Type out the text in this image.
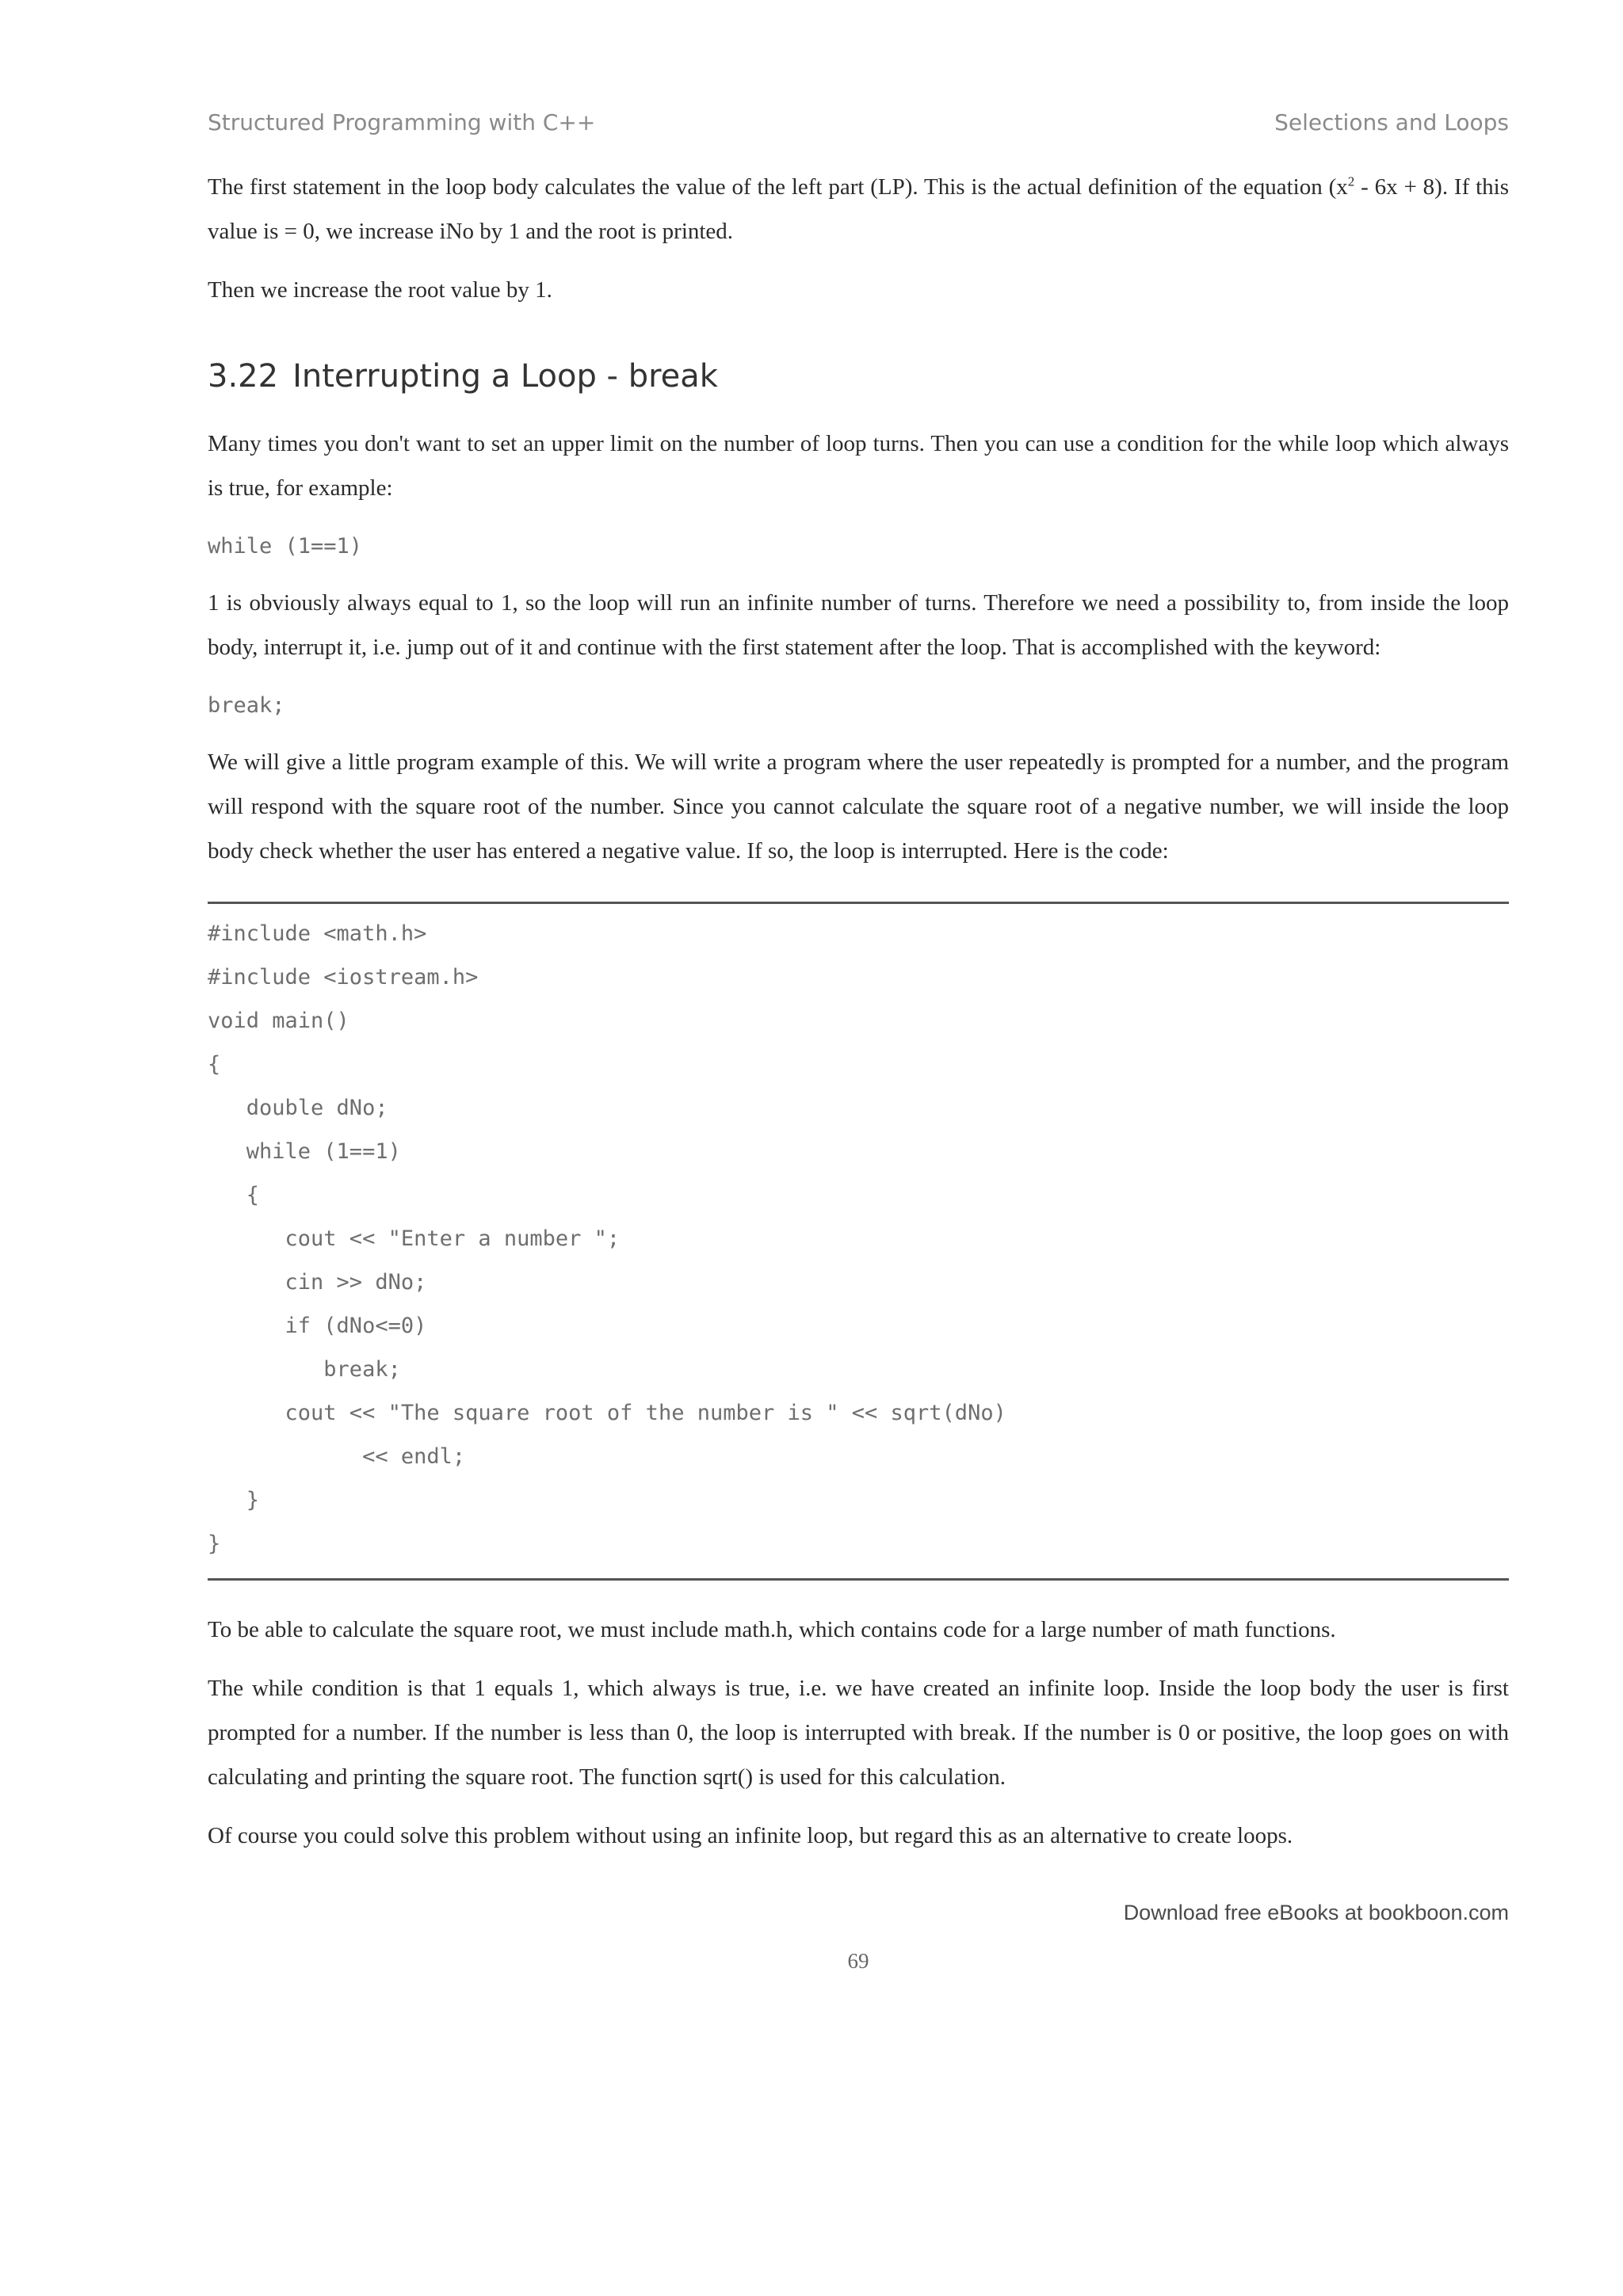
Structured Programming with C++	Selections and Loops

The first statement in the loop body calculates the value of the left part (LP). This is the actual definition of the equation $(x^2 - 6x + 8)$. If this value is = 0, we increase iNo by 1 and the root is printed.

Then we increase the root value by 1.

3.22 Interrupting a Loop - break

Many times you don't want to set an upper limit on the number of loop turns. Then you can use a condition for the while loop which always is true, for example:

while (1==1)

1 is obviously always equal to 1, so the loop will run an infinite number of turns. Therefore we need a possibility to, from inside the loop body, interrupt it, i.e. jump out of it and continue with the first statement after the loop. That is accomplished with the keyword:

break;

We will give a little program example of this. We will write a program where the user repeatedly is prompted for a number, and the program will respond with the square root of the number. Since you cannot calculate the square root of a negative number, we will inside the loop body check whether the user has entered a negative value. If so, the loop is interrupted. Here is the code:

#include <math.h>
#include <iostream.h>
void main()
{
double dNo;
while (1==1)
{
cout << "Enter a number ";
cin >> dNo;
if (dNo<=0)
break;
cout << "The square root of the number is " << sqrt(dNo)
<< endl;
}
}

To be able to calculate the square root, we must include math.h, which contains code for a large number of math functions.

The while condition is that 1 equals 1, which always is true, i.e. we have created an infinite loop. Inside the loop body the user is first prompted for a number. If the number is less than 0, the loop is interrupted with break. If the number is 0 or positive, the loop goes on with calculating and printing the square root. The function sqrt() is used for this calculation.

Of course you could solve this problem without using an infinite loop, but regard this as an alternative to create loops.

Download free eBooks at bookboon.com
69
